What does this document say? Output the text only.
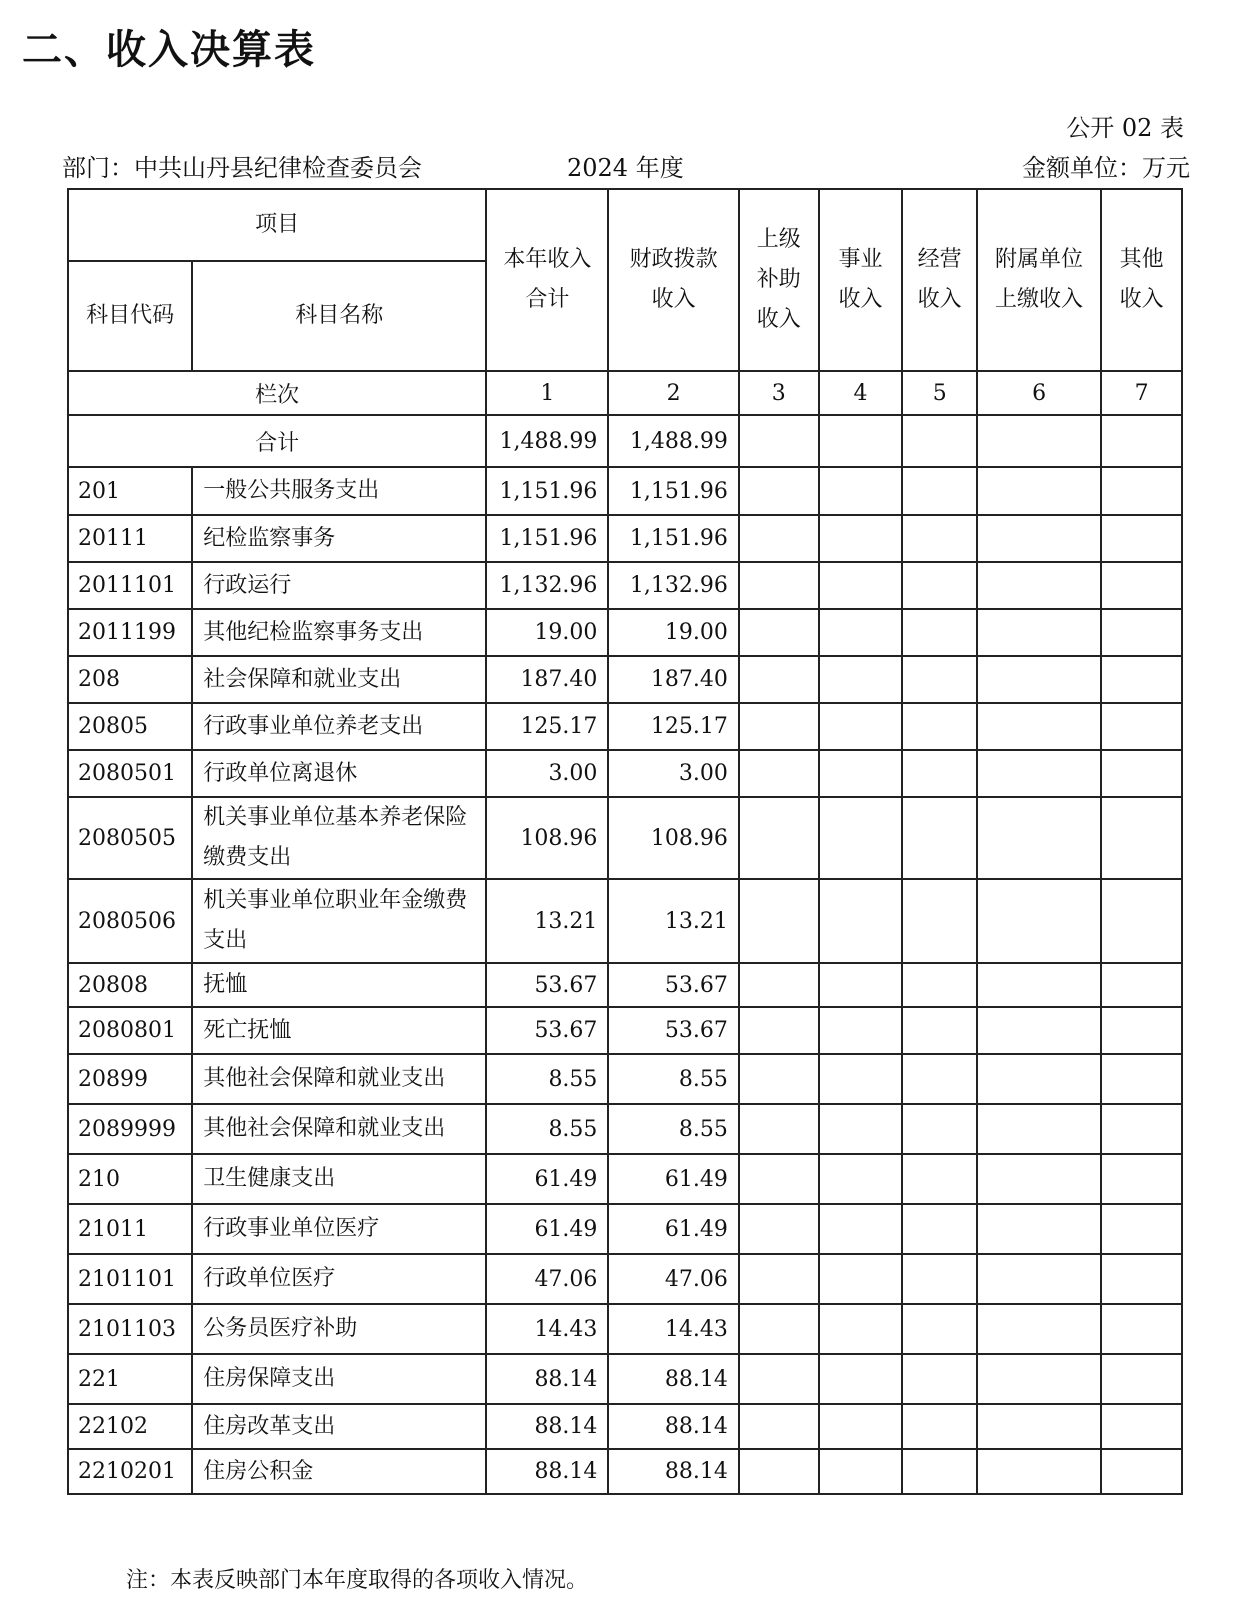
二、收入决算表
公开 02 表
部门：中共山丹县纪律检查委员会	2024 年度	金额单位：万元
项目		本年收入合计	财政拨款收入	上级补助收入	事业收入	经营收入	附属单位上缴收入	其他收入

科目代码	科目名称							
栏次		1	2	3	4	5	6	7
合计		1,488.99	1,488.99					
201	一般公共服务支出	1,151.96	1,151.96					
20111	纪检监察事务	1,151.96	1,151.96					
2011101	行政运行	1,132.96	1,132.96					
2011199	其他纪检监察事务支出	19.00	19.00					
208	社会保障和就业支出	187.40	187.40					
20805	行政事业单位养老支出	125.17	125.17					
2080501	行政单位离退休	3.00	3.00					
2080505	机关事业单位基本养老保险缴费支出	108.96	108.96					
2080506	机关事业单位职业年金缴费支出	13.21	13.21					
20808	抚恤	53.67	53.67					
2080801	死亡抚恤	53.67	53.67					
20899	其他社会保障和就业支出	8.55	8.55					
2089999	其他社会保障和就业支出	8.55	8.55					
210	卫生健康支出	61.49	61.49					
21011	行政事业单位医疗	61.49	61.49					
2101101	行政单位医疗	47.06	47.06					
2101103	公务员医疗补助	14.43	14.43					
221	住房保障支出	88.14	88.14					
22102	住房改革支出	88.14	88.14					
2210201	住房公积金	88.14	88.14					
注：本表反映部门本年度取得的各项收入情况。
